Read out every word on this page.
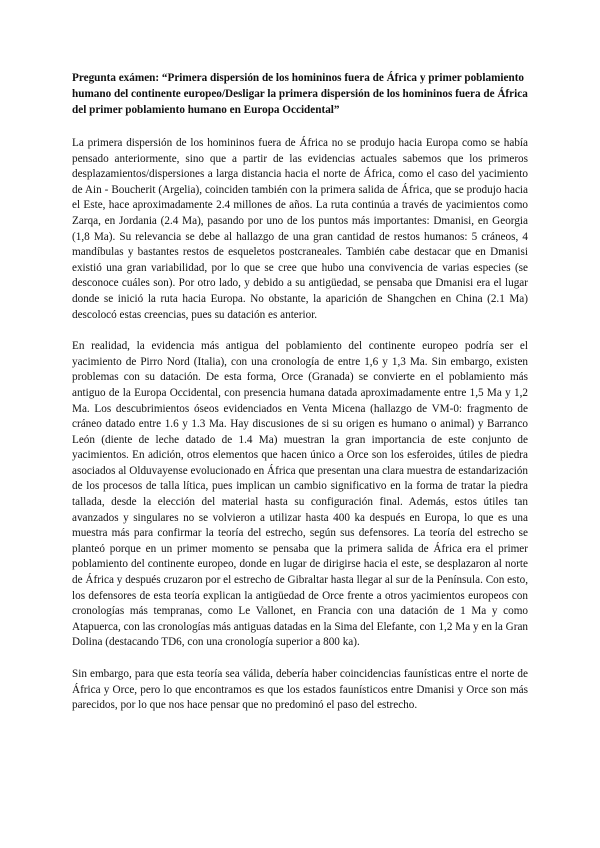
Pregunta exámen: “Primera dispersión de los homininos fuera de África y primer poblamiento humano del continente europeo/Desligar la primera dispersión de los homininos fuera de África del primer poblamiento humano en Europa Occidental”

La primera dispersión de los homininos fuera de África no se produjo hacia Europa como se había pensado anteriormente, sino que a partir de las evidencias actuales sabemos que los primeros desplazamientos/dispersiones a larga distancia hacia el norte de África, como el caso del yacimiento de Ain - Boucherit (Argelia), coinciden también con la primera salida de África, que se produjo hacia el Este, hace aproximadamente 2.4 millones de años. La ruta continúa a través de yacimientos como Zarqa, en Jordania (2.4 Ma), pasando por uno de los puntos más importantes: Dmanisi, en Georgia (1,8 Ma). Su relevancia se debe al hallazgo de una gran cantidad de restos humanos: 5 cráneos, 4 mandíbulas y bastantes restos de esqueletos postcraneales. También cabe destacar que en Dmanisi existió una gran variabilidad, por lo que se cree que hubo una convivencia de varias especies (se desconoce cuáles son). Por otro lado, y debido a su antigüedad, se pensaba que Dmanisi era el lugar donde se inició la ruta hacia Europa. No obstante, la aparición de Shangchen en China (2.1 Ma) descolocó estas creencias, pues su datación es anterior.

En realidad, la evidencia más antigua del poblamiento del continente europeo podría ser el yacimiento de Pirro Nord (Italia), con una cronología de entre 1,6 y 1,3 Ma. Sin embargo, existen problemas con su datación. De esta forma, Orce (Granada) se convierte en el poblamiento más antiguo de la Europa Occidental, con presencia humana datada aproximadamente entre 1,5 Ma y 1,2 Ma. Los descubrimientos óseos evidenciados en Venta Micena (hallazgo de VM-0: fragmento de cráneo datado entre 1.6 y 1.3 Ma. Hay discusiones de si su origen es humano o animal) y Barranco León (diente de leche datado de 1.4 Ma) muestran la gran importancia de este conjunto de yacimientos. En adición, otros elementos que hacen único a Orce son los esferoides, útiles de piedra asociados al Olduvayense evolucionado en África que presentan una clara muestra de estandarización de los procesos de talla lítica, pues implican un cambio significativo en la forma de tratar la piedra tallada, desde la elección del material hasta su configuración final. Además, estos útiles tan avanzados y singulares no se volvieron a utilizar hasta 400 ka después en Europa, lo que es una muestra más para confirmar la teoría del estrecho, según sus defensores. La teoría del estrecho se planteó porque en un primer momento se pensaba que la primera salida de África era el primer poblamiento del continente europeo, donde en lugar de dirigirse hacia el este, se desplazaron al norte de África y después cruzaron por el estrecho de Gibraltar hasta llegar al sur de la Península. Con esto, los defensores de esta teoría explican la antigüedad de Orce frente a otros yacimientos europeos con cronologías más tempranas, como Le Vallonet, en Francia con una datación de 1 Ma y como Atapuerca, con las cronologías más antiguas datadas en la Sima del Elefante, con 1,2 Ma y en la Gran Dolina (destacando TD6, con una cronología superior a 800 ka).

Sin embargo, para que esta teoría sea válida, debería haber coincidencias faunísticas entre el norte de África y Orce, pero lo que encontramos es que los estados faunísticos entre Dmanisi y Orce son más parecidos, por lo que nos hace pensar que no predominó el paso del estrecho.
